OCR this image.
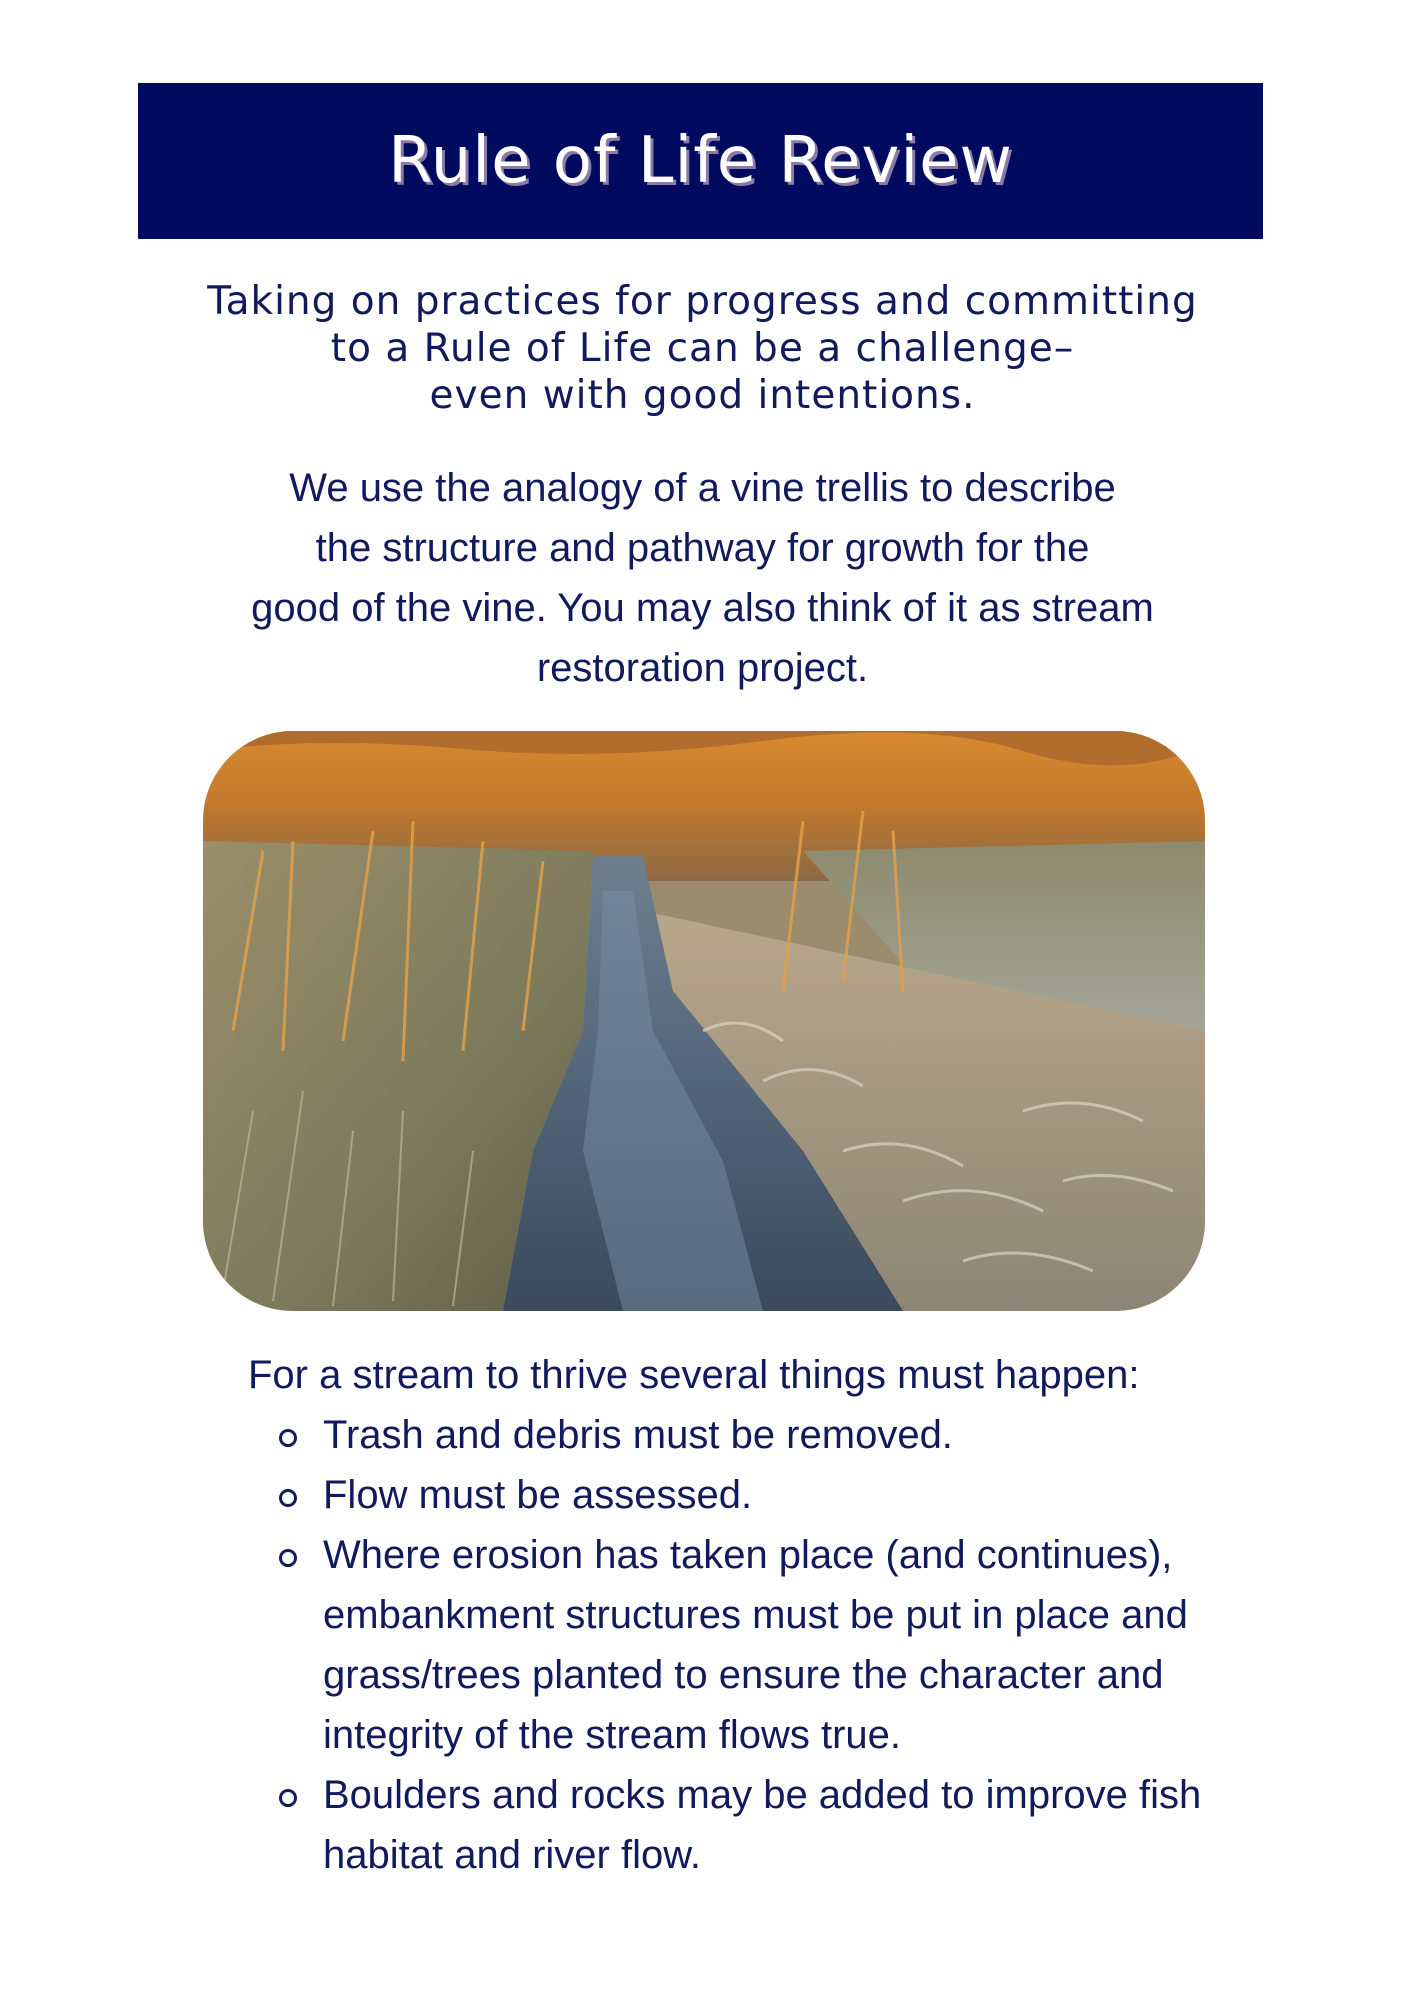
Rule of Life Review
Taking on practices for progress and committing
to a Rule of Life can be a challenge–
even with good intentions.
We use the analogy of a vine trellis to describe
the structure and pathway for growth for the
good of the vine. You may also think of it as stream
restoration project.
For a stream to thrive several things must happen:
Trash and debris must be removed.
Flow must be assessed.
Where erosion has taken place (and continues),
embankment structures must be put in place and
grass/trees planted to ensure the character and
integrity of the stream flows true.
Boulders and rocks may be added to improve fish
habitat and river flow.
